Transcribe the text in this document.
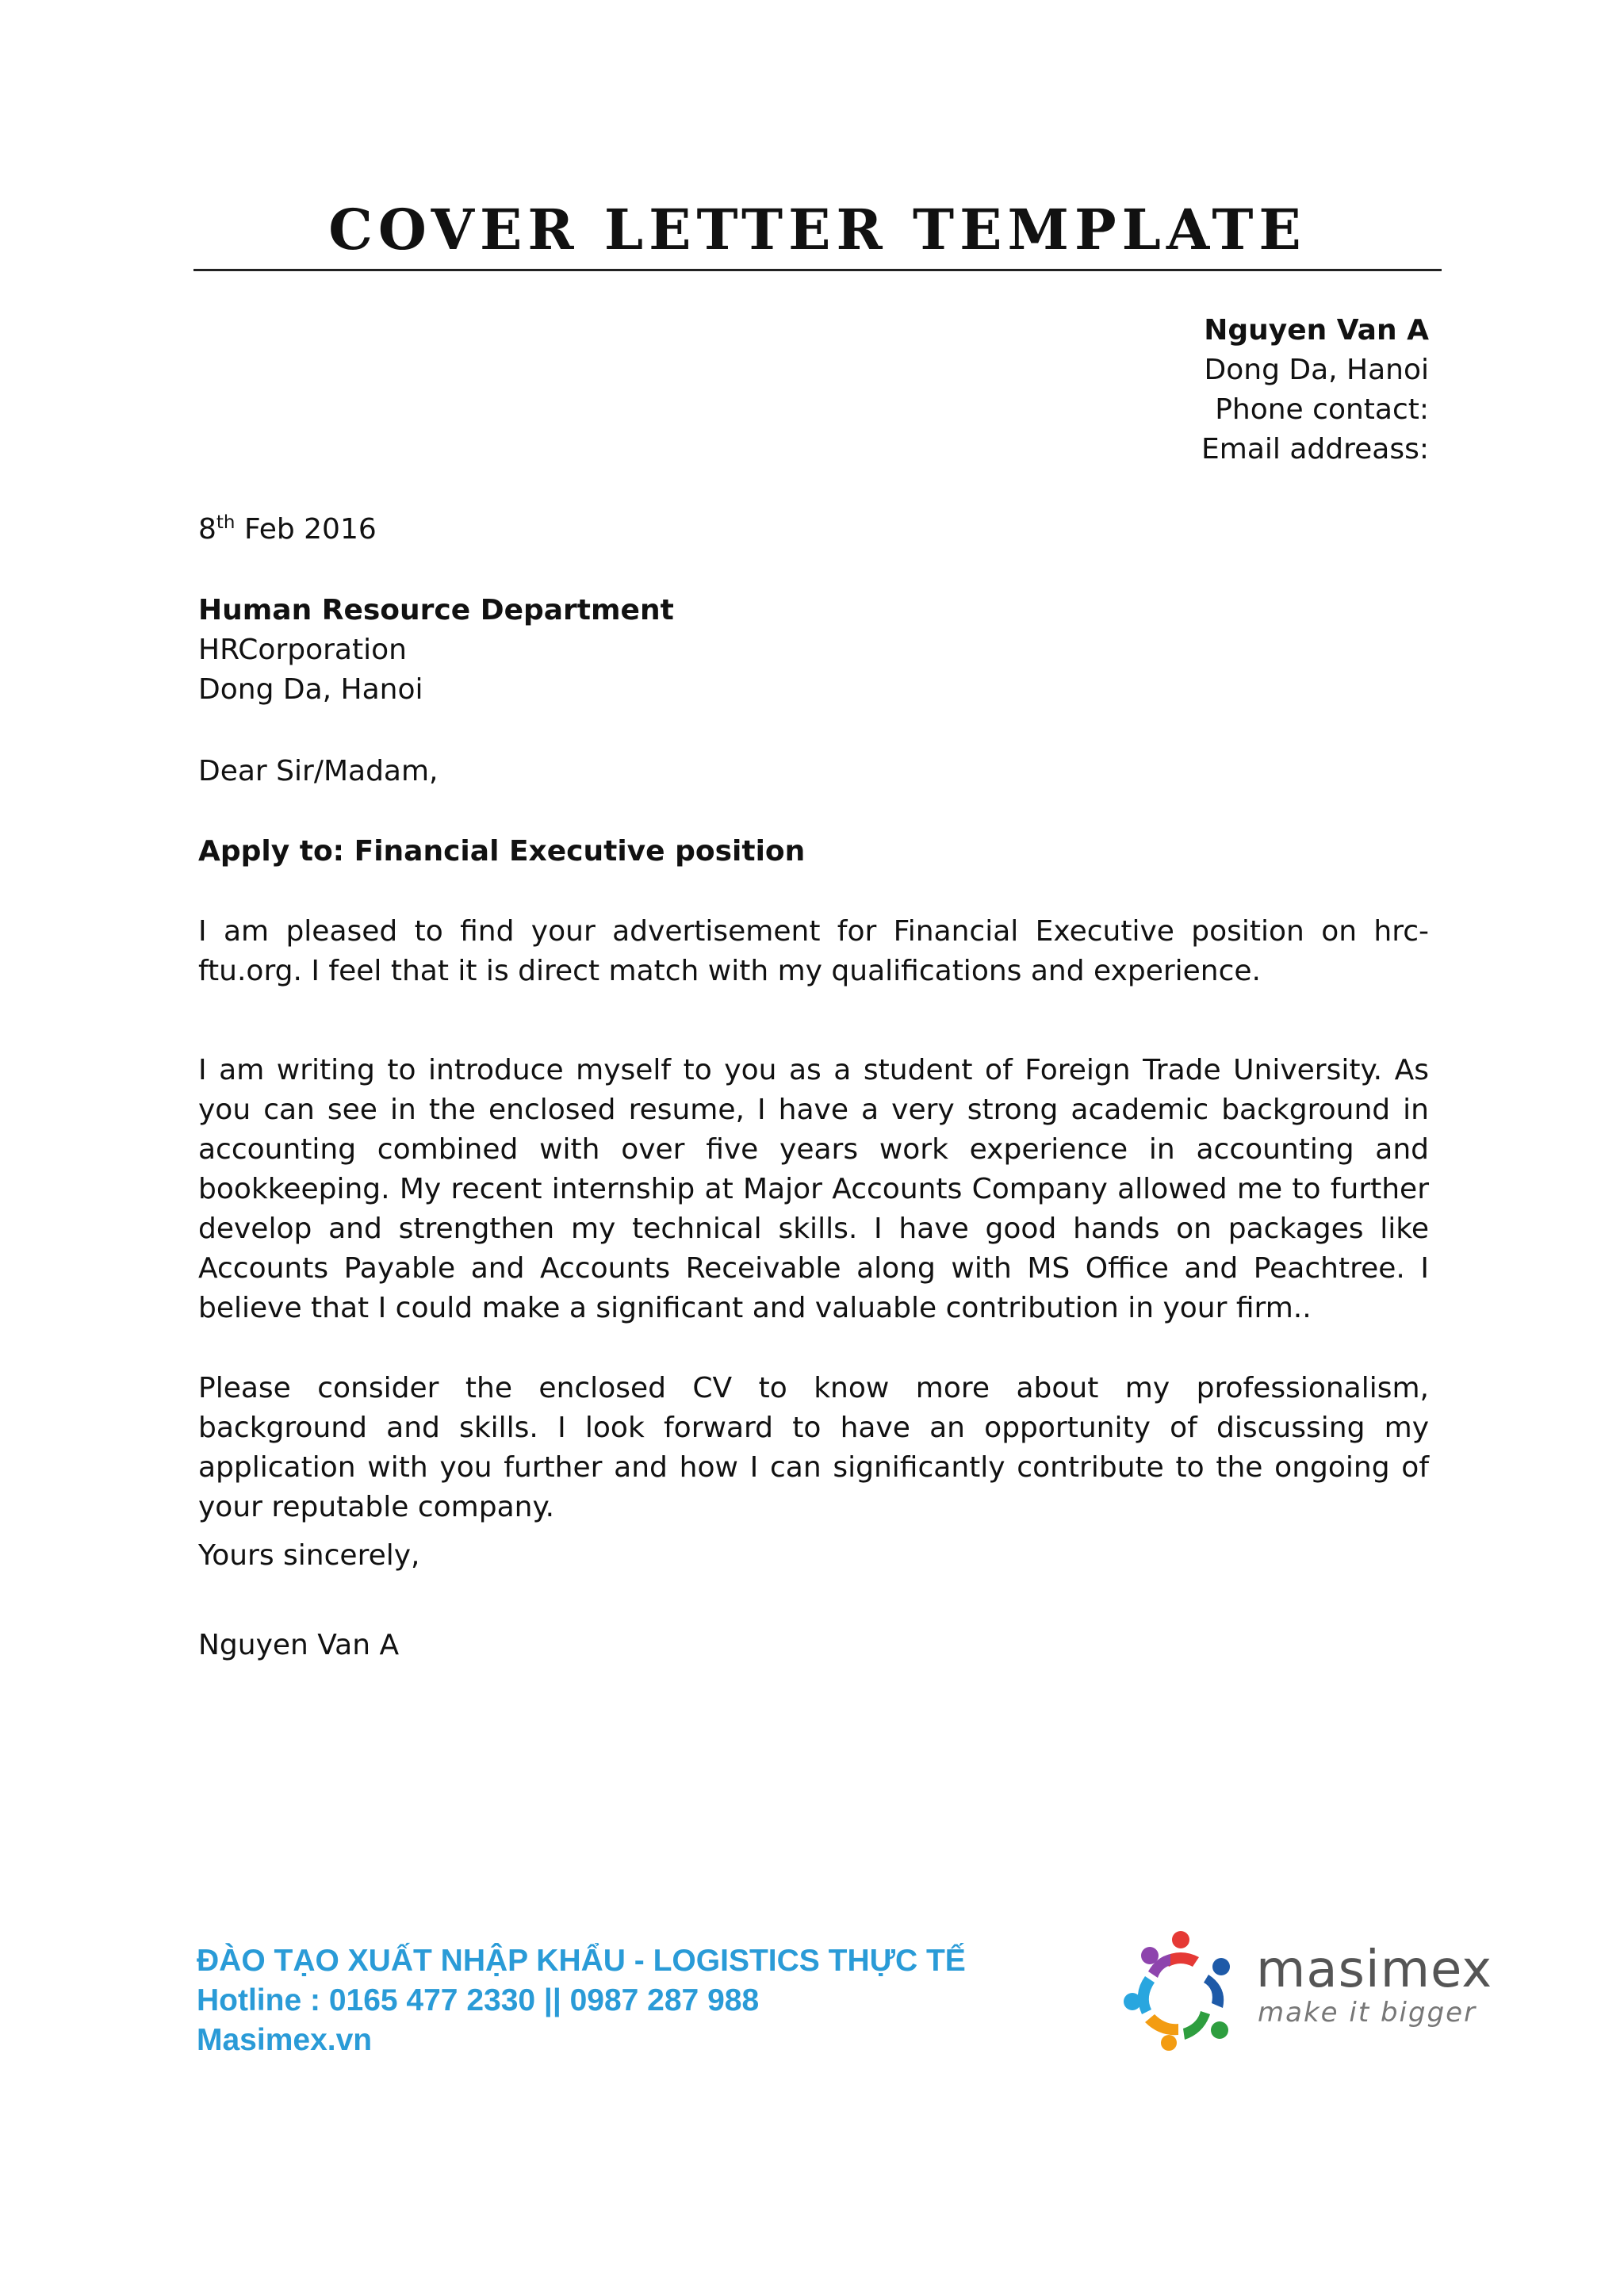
COVER LETTER TEMPLATE
Nguyen Van A
Dong Da, Hanoi
Phone contact:
Email addreass:
8th Feb 2016
Human Resource Department
HRCorporation
Dong Da, Hanoi
Dear Sir/Madam,
Apply to: Financial Executive position

I am pleased to find your advertisement for Financial Executive position on hrc-ftu.org. I feel that it is direct match with my qualifications and experience.

I am writing to introduce myself to you as a student of Foreign Trade University. As you can see in the enclosed resume, I have a very strong academic background in accounting combined with over five years work experience in accounting and bookkeeping. My recent internship at Major Accounts Company allowed me to further develop and strengthen my technical skills. I have good hands on packages like Accounts Payable and Accounts Receivable along with MS Office and Peachtree. I believe that I could make a significant and valuable contribution in your firm..

Please consider the enclosed CV to know more about my professionalism, background and skills. I look forward to have an opportunity of discussing my application with you further and how I can significantly contribute to the ongoing of your reputable company.

Yours sincerely,
Nguyen Van A
ĐÀO TẠO XUẤT NHẬP KHẨU - LOGISTICS THỰC TẾ
Hotline : 0165 477 2330 || 0987 287 988
Masimex.vn
masimex
make it bigger
